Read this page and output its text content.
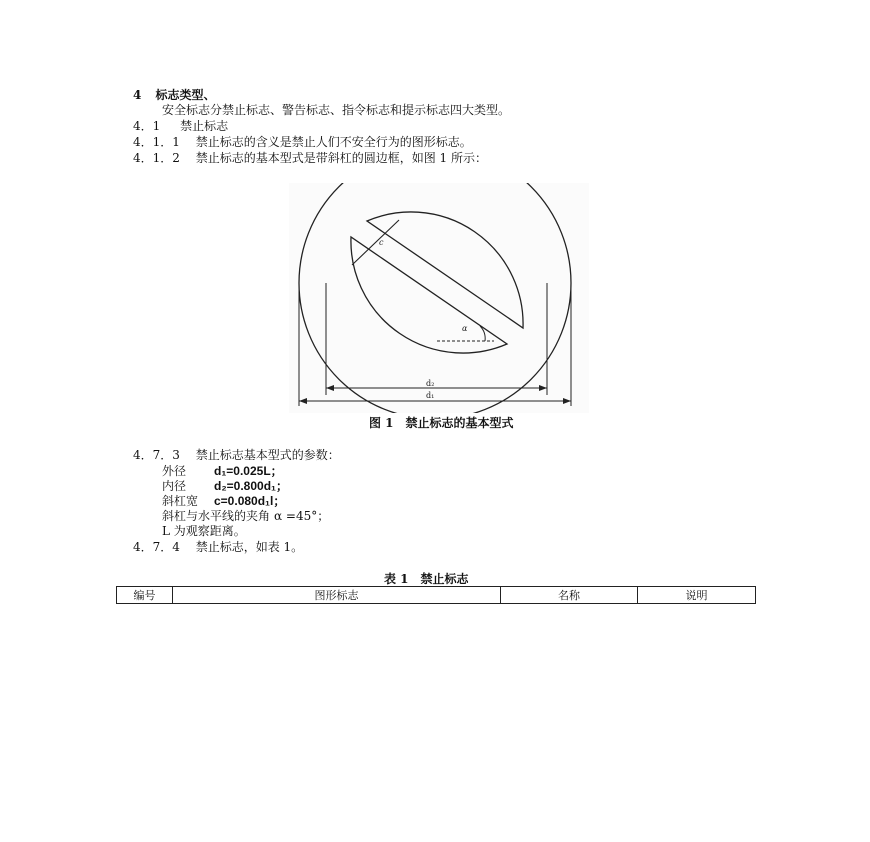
4 标志类型、
安全标志分禁止标志、警告标志、指令标志和提示标志四大类型。
4．1 禁止标志
4．1．1 禁止标志的含义是禁止人们不安全行为的图形标志。
4．1．2 禁止标志的基本型式是带斜杠的圆边框，如图 1 所示：
c
α
d₂
d₁
图 1　禁止标志的基本型式
4．7．3 禁止标志基本型式的参数：
外径 d₁=0.025L；
内径 d₂=0.800d₁；
斜杠宽 c=0.080d₁l；
斜杠与水平线的夹角 α =45°；
L 为观察距离。
4．7．4 禁止标志，如表 1。
表 1　禁止标志
编号	图形标志	名称	说明
